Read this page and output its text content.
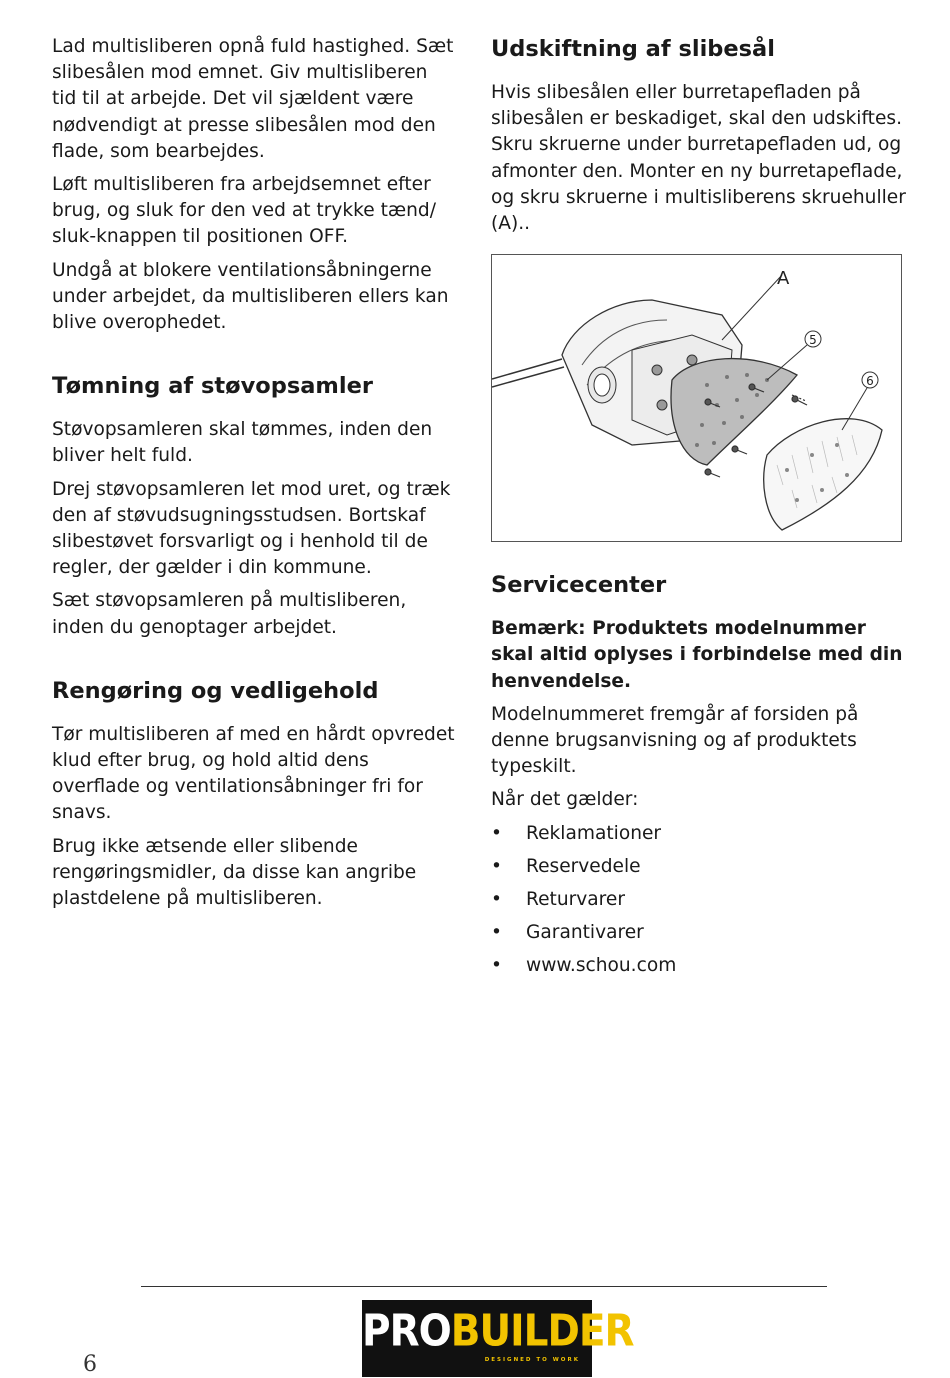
Lad multisliberen opnå fuld hastighed. Sæt slibesålen mod emnet. Giv multisliberen tid til at arbejde. Det vil sjældent være nødvendigt at presse slibesålen mod den flade, som bearbejdes.

Løft multisliberen fra arbejdsemnet efter brug, og sluk for den ved at trykke tænd/ sluk-knappen til positionen OFF.

Undgå at blokere ventilationsåbningerne under arbejdet, da multisliberen ellers kan blive overophedet.

Tømning af støvopsamler

Støvopsamleren skal tømmes, inden den bliver helt fuld.

Drej støvopsamleren let mod uret, og træk den af støvudsugningsstudsen. Bortskaf slibestøvet forsvarligt og i henhold til de regler, der gælder i din kommune.

Sæt støvopsamleren på multisliberen, inden du genoptager arbejdet.

Rengøring og vedligehold

Tør multisliberen af med en hårdt opvredet klud efter brug, og hold altid dens overflade og ventilationsåbninger fri for snavs.

Brug ikke ætsende eller slibende rengøringsmidler, da disse kan angribe plastdelene på multisliberen.

Udskiftning af slibesål

Hvis slibesålen eller burretapefladen på slibesålen er beskadiget, skal den udskiftes. Skru skruerne under burretapefladen ud, og afmonter den. Monter en ny burretapeflade, og skru skruerne i multisliberens skruehuller (A)..

A
5
6
Servicecenter

Bemærk: Produktets modelnummer skal altid oplyses i forbindelse med din henvendelse.

Modelnummeret fremgår af forsiden på denne brugsanvisning og af produktets typeskilt.

Når det gælder:

• Reklamationer
• Reservedele
• Returvarer
• Garantivarer
• www.schou.com
PROBUILDER
DESIGNED TO WORK
6
